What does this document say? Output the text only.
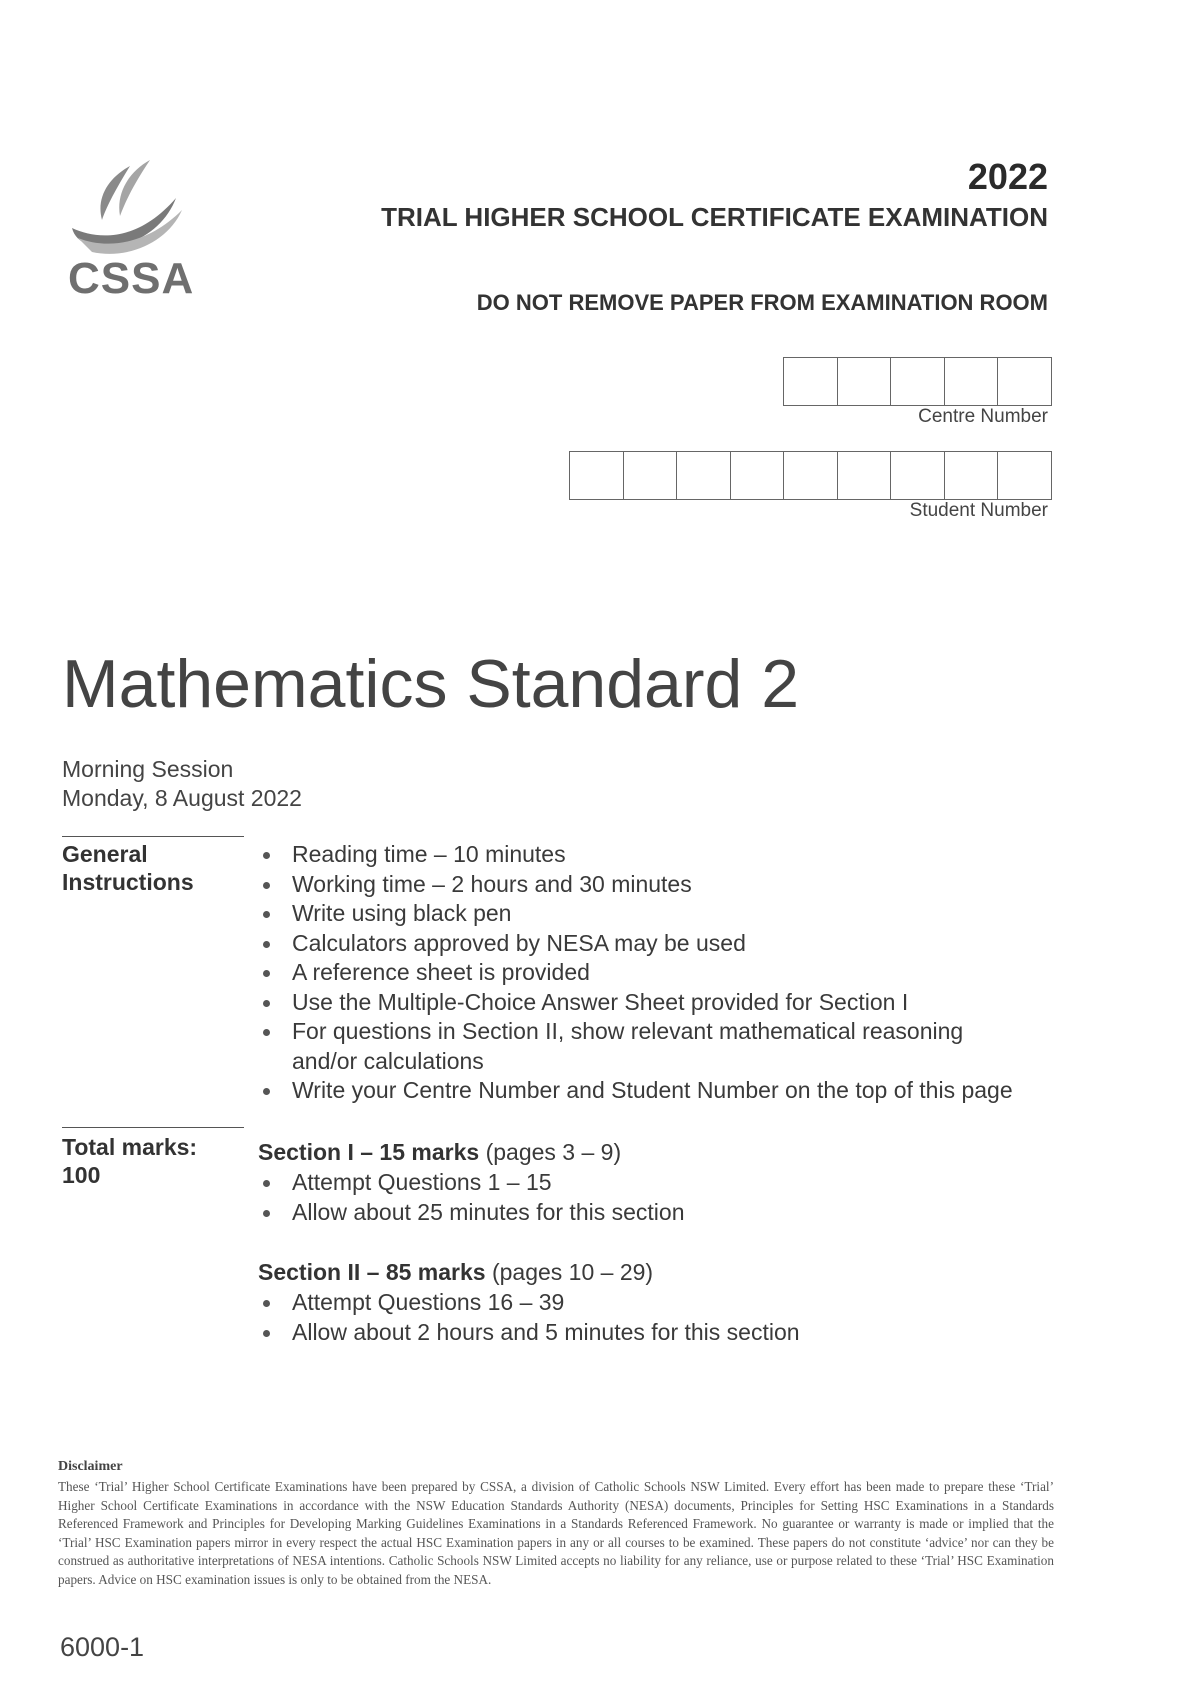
CSSA
2022
TRIAL HIGHER SCHOOL CERTIFICATE EXAMINATION
DO NOT REMOVE PAPER FROM EXAMINATION ROOM
Centre Number
Student Number
Mathematics Standard 2
Morning Session
Monday, 8 August 2022
General
Instructions
Reading time – 10 minutes
Working time – 2 hours and 30 minutes
Write using black pen
Calculators approved by NESA may be used
A reference sheet is provided
Use the Multiple-Choice Answer Sheet provided for Section I
For questions in Section II, show relevant mathematical reasoning and/or calculations
Write your Centre Number and Student Number on the top of this page
Total marks:
100
Section I – 15 marks (pages 3 – 9)
Attempt Questions 1 – 15
Allow about 25 minutes for this section
Section II – 85 marks (pages 10 – 29)
Attempt Questions 16 – 39
Allow about 2 hours and 5 minutes for this section
Disclaimer
These ‘Trial’ Higher School Certificate Examinations have been prepared by CSSA, a division of Catholic Schools NSW Limited. Every effort has been made to prepare these ‘Trial’ Higher School Certificate Examinations in accordance with the NSW Education Standards Authority (NESA) documents, Principles for Setting HSC Examinations in a Standards Referenced Framework and Principles for Developing Marking Guidelines Examinations in a Standards Referenced Framework. No guarantee or warranty is made or implied that the ‘Trial’ HSC Examination papers mirror in every respect the actual HSC Examination papers in any or all courses to be examined. These papers do not constitute ‘advice’ nor can they be construed as authoritative interpretations of NESA intentions. Catholic Schools NSW Limited accepts no liability for any reliance, use or purpose related to these ‘Trial’ HSC Examination papers. Advice on HSC examination issues is only to be obtained from the NESA.
6000-1
